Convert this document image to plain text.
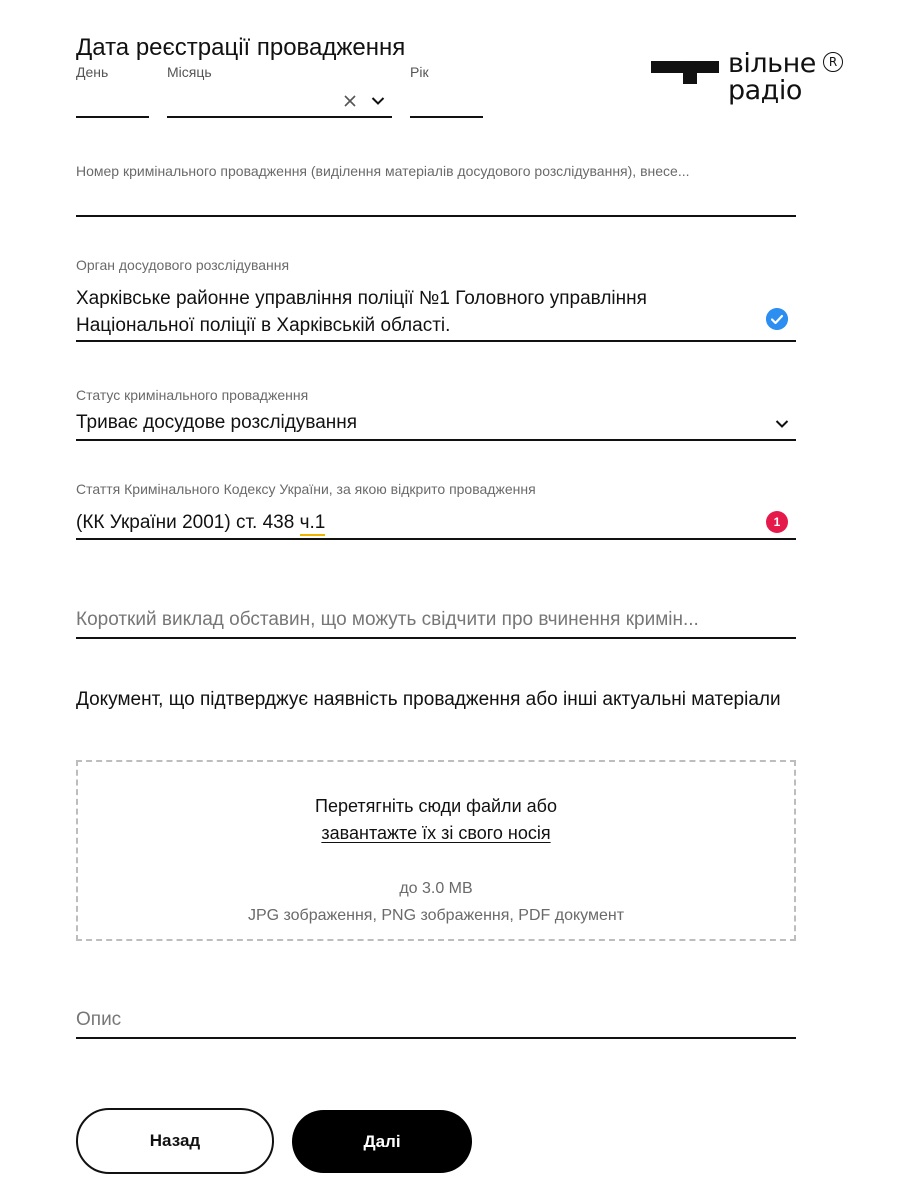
вільне
радіо
R
Дата реєстрації провадження
День	Місяць	Рік
Номер кримінального провадження (виділення матеріалів досудового розслідування), внесе...
Орган досудового розслідування
Харківське районне управління поліції №1 Головного управління Національної поліції в Харківській області.
Статус кримінального провадження
Триває досудове розслідування
Стаття Кримінального Кодексу України, за якою відкрито провадження
(КК України 2001) ст. 438 ч.1	1
Короткий виклад обставин, що можуть свідчити про вчинення кримін...
Документ, що підтверджує наявність провадження або інші актуальні матеріали
Перетягніть сюди файли або
завантажте їх зі свого носія
до 3.0 MB
JPG зображення, PNG зображення, PDF документ
Опис
Назад	Далі
